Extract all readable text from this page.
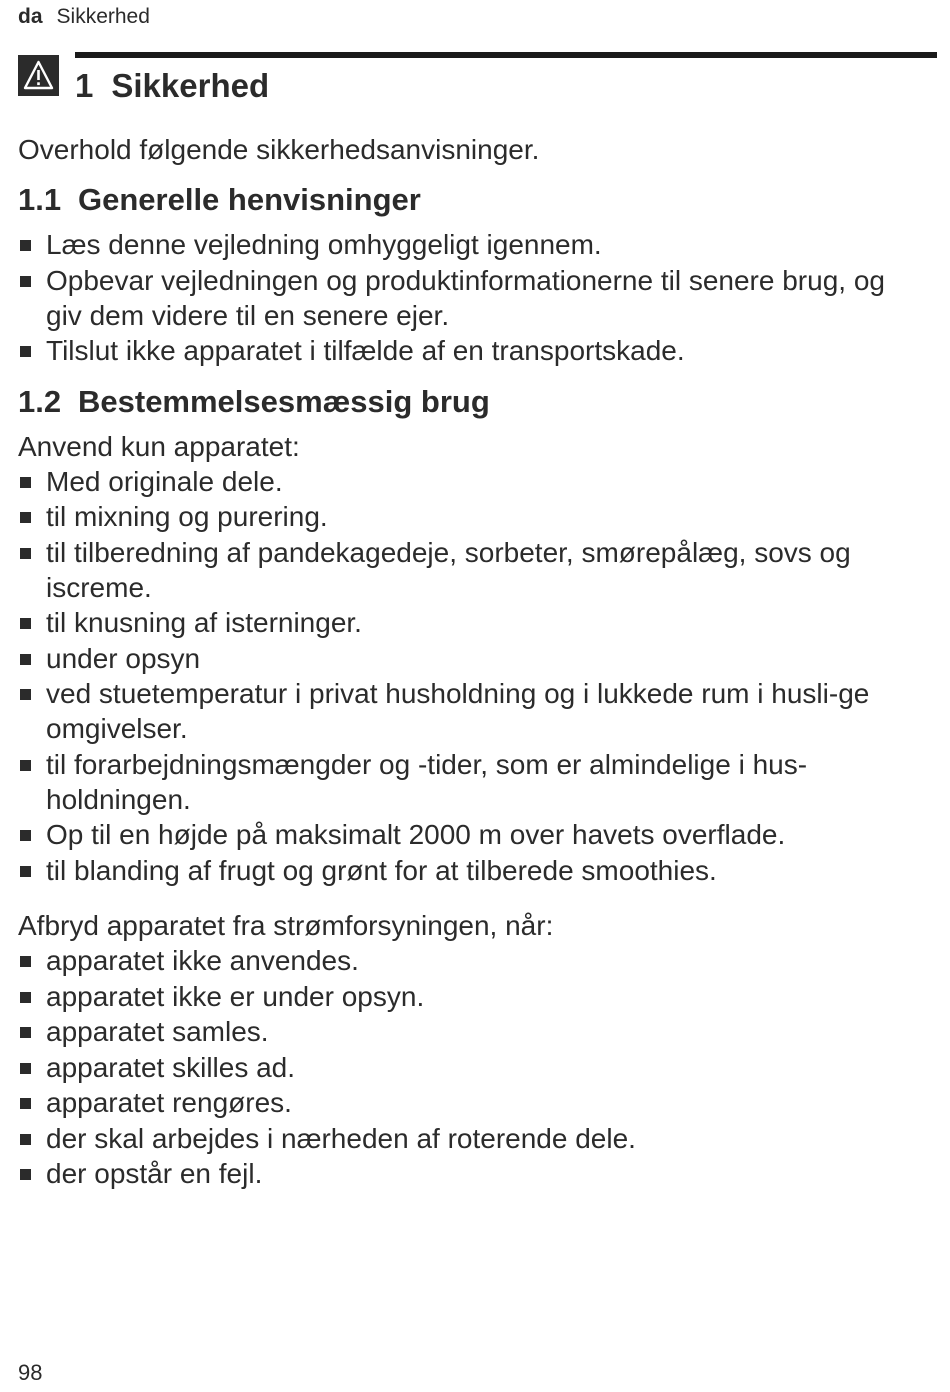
da Sikkerhed
1 Sikkerhed

Overhold følgende sikkerhedsanvisninger.

1.1 Generelle henvisninger
Læs denne vejledning omhyggeligt igennem.
Opbevar vejledningen og produktinformationerne til senere brug, og giv dem videre til en senere ejer.
Tilslut ikke apparatet i tilfælde af en transportskade.
1.2 Bestemmelsesmæssig brug

Anvend kun apparatet:

Med originale dele.
til mixning og purering.
til tilberedning af pandekagedeje, sorbeter, smørepålæg, sovs og iscreme.
til knusning af isterninger.
under opsyn
ved stuetemperatur i privat husholdning og i lukkede rum i husli-ge omgivelser.
til forarbejdningsmængder og -tider, som er almindelige i hus-holdningen.
Op til en højde på maksimalt 2000 m over havets overflade.
til blanding af frugt og grønt for at tilberede smoothies.

Afbryd apparatet fra strømforsyningen, når:

apparatet ikke anvendes.
apparatet ikke er under opsyn.
apparatet samles.
apparatet skilles ad.
apparatet rengøres.
der skal arbejdes i nærheden af roterende dele.
der opstår en fejl.
98
